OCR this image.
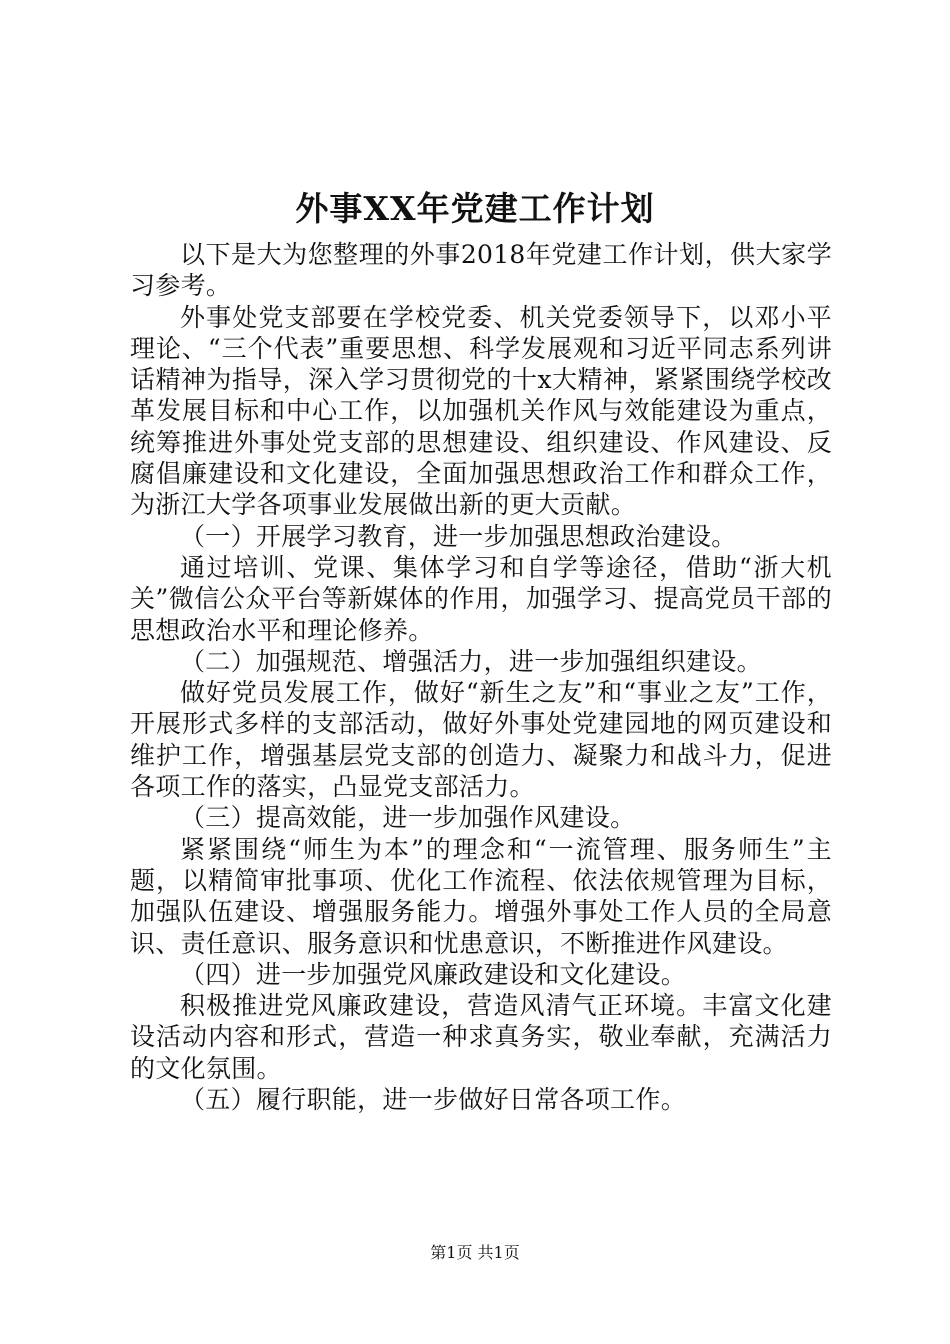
外事XX年党建工作计划

以下是大为您整理的外事2018年党建工作计划，供大家学习参考。

外事处党支部要在学校党委、机关党委领导下，以邓小平理论、“三个代表”重要思想、科学发展观和习近平同志系列讲话精神为指导，深入学习贯彻党的十x大精神，紧紧围绕学校改革发展目标和中心工作，以加强机关作风与效能建设为重点，统筹推进外事处党支部的思想建设、组织建设、作风建设、反腐倡廉建设和文化建设，全面加强思想政治工作和群众工作，为浙江大学各项事业发展做出新的更大贡献。

（一）开展学习教育，进一步加强思想政治建设。

通过培训、党课、集体学习和自学等途径，借助“浙大机关”微信公众平台等新媒体的作用，加强学习、提高党员干部的思想政治水平和理论修养。

（二）加强规范、增强活力，进一步加强组织建设。

做好党员发展工作，做好“新生之友”和“事业之友”工作，开展形式多样的支部活动，做好外事处党建园地的网页建设和维护工作，增强基层党支部的创造力、凝聚力和战斗力，促进各项工作的落实，凸显党支部活力。

（三）提高效能，进一步加强作风建设。

紧紧围绕“师生为本”的理念和“一流管理、服务师生”主题，以精简审批事项、优化工作流程、依法依规管理为目标，加强队伍建设、增强服务能力。增强外事处工作人员的全局意识、责任意识、服务意识和忧患意识，不断推进作风建设。

（四）进一步加强党风廉政建设和文化建设。

积极推进党风廉政建设，营造风清气正环境。丰富文化建设活动内容和形式，营造一种求真务实，敬业奉献，充满活力的文化氛围。

（五）履行职能，进一步做好日常各项工作。

第1页 共1页
